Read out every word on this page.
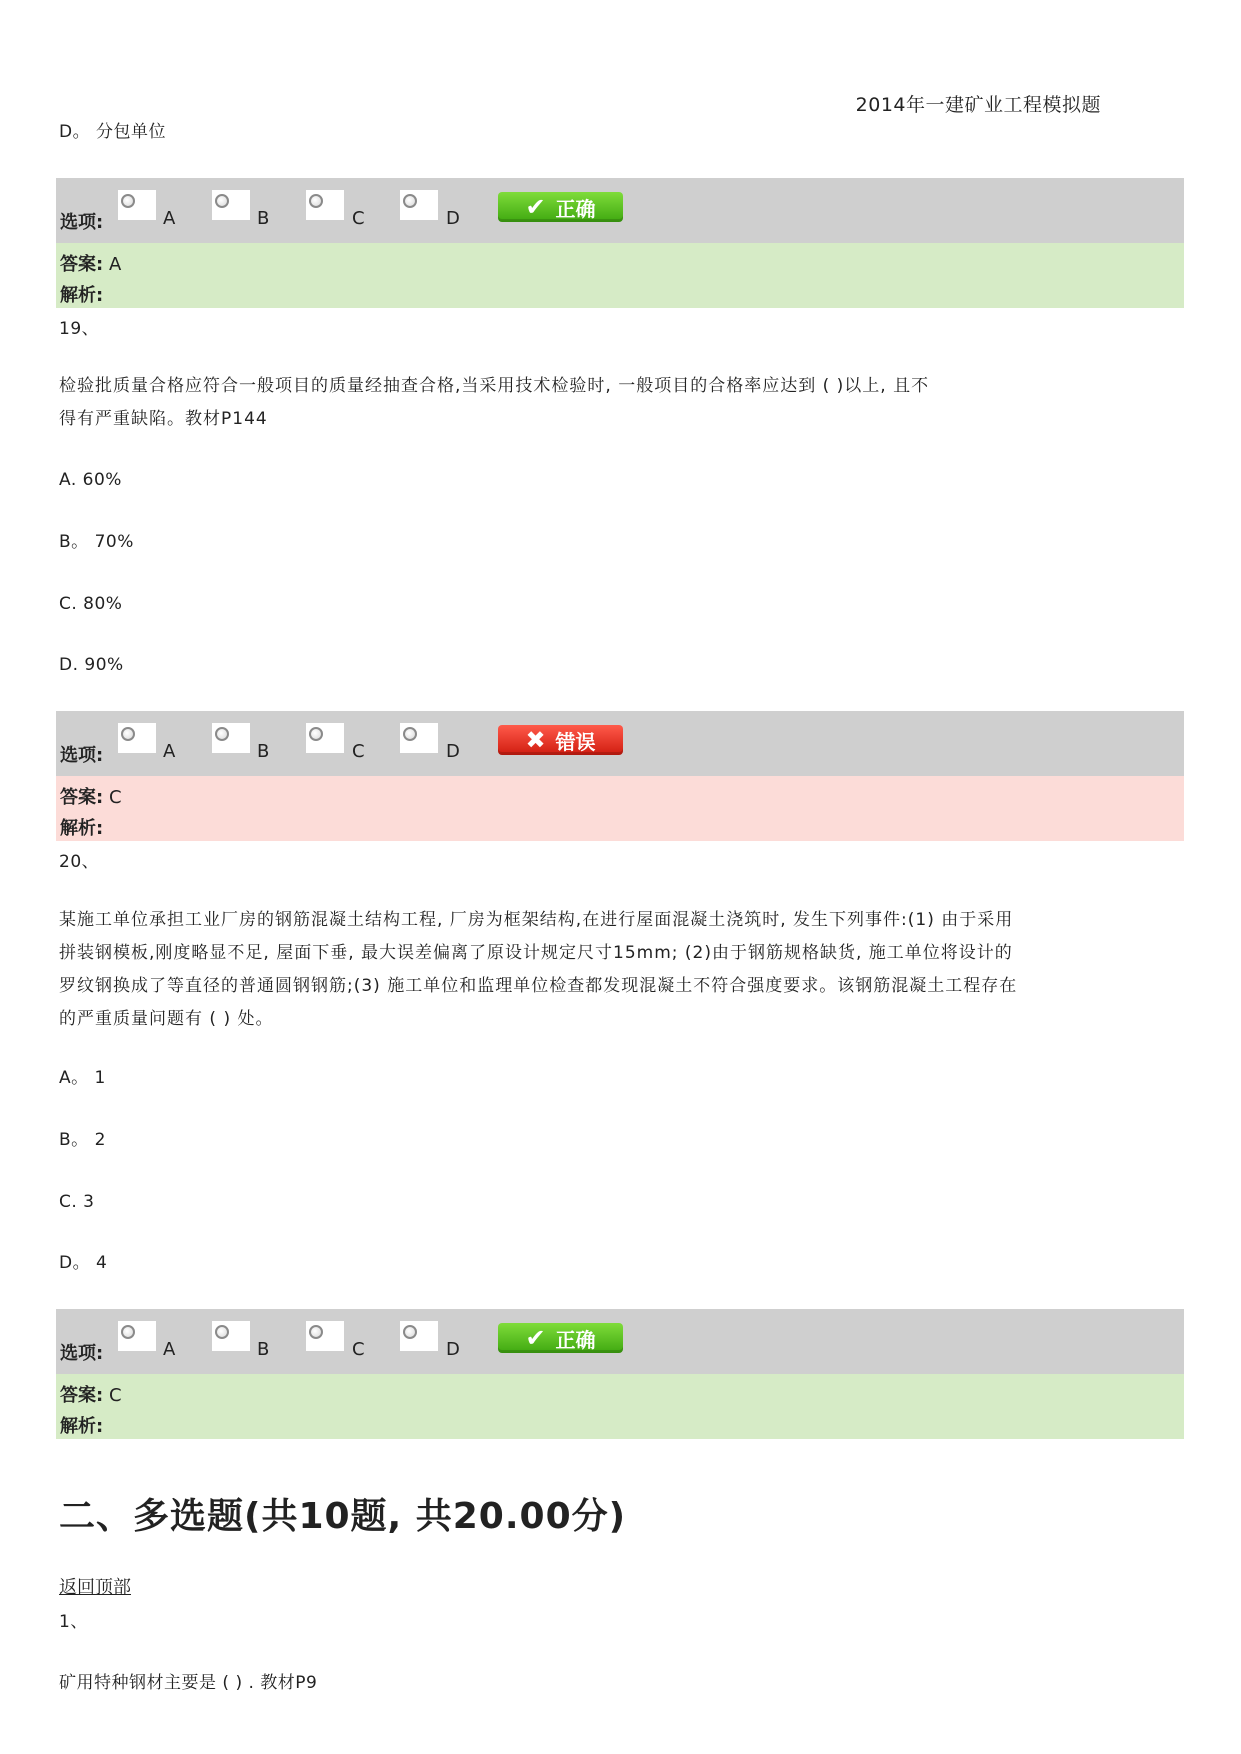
2014年一建矿业工程模拟题
D。 分包单位
选项:	A	B	C	D	✔ 正确
答案: A
解析:
19、
检验批质量合格应符合一般项目的质量经抽查合格,当采用技术检验时, 一般项目的合格率应达到 ( )以上, 且不
得有严重缺陷。教材P144
A. 60%
B。 70%
C. 80%
D. 90%
选项:	A	B	C	D	✖ 错误
答案: C
解析:
20、
某施工单位承担工业厂房的钢筋混凝土结构工程, 厂房为框架结构,在进行屋面混凝土浇筑时, 发生下列事件:(1) 由于采用
拼装钢模板,刚度略显不足, 屋面下垂, 最大误差偏离了原设计规定尺寸15mm; (2)由于钢筋规格缺货, 施工单位将设计的
罗纹钢换成了等直径的普通圆钢钢筋;(3) 施工单位和监理单位检查都发现混凝土不符合强度要求。该钢筋混凝土工程存在
的严重质量问题有 ( ) 处。
A。 1
B。 2
C. 3
D。 4
选项:	A	B	C	D	✔ 正确
答案: C
解析:
二、多选题(共10题, 共20.00分)
返回顶部
1、
矿用特种钢材主要是 ( ) . 教材P9
